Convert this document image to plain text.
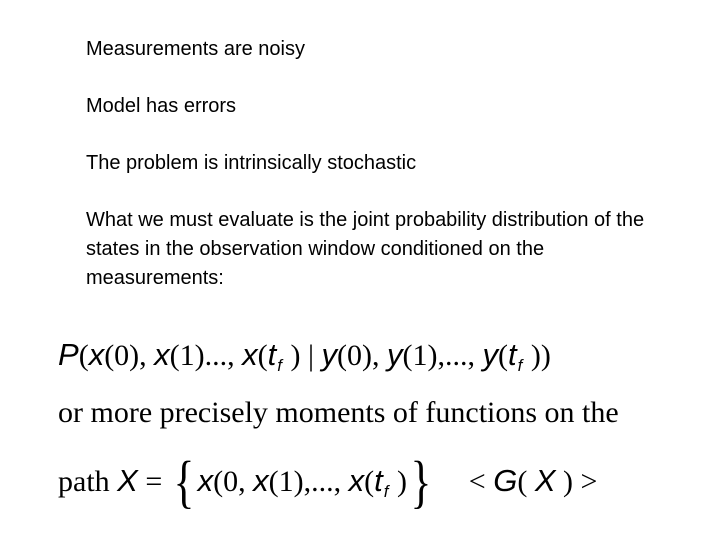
Measurements are noisy
Model has errors
The problem is intrinsically stochastic
What we must evaluate is the joint probability distribution of the states in the observation window conditioned on the measurements:
P(x(0), x(1)..., $x(t_f$ ) | y(0), y(1),..., $y(t_f$ ))
or more precisely moments of functions on the
path X = { x(0, x(1),..., $x(t_f$ )} < G( X ) >
